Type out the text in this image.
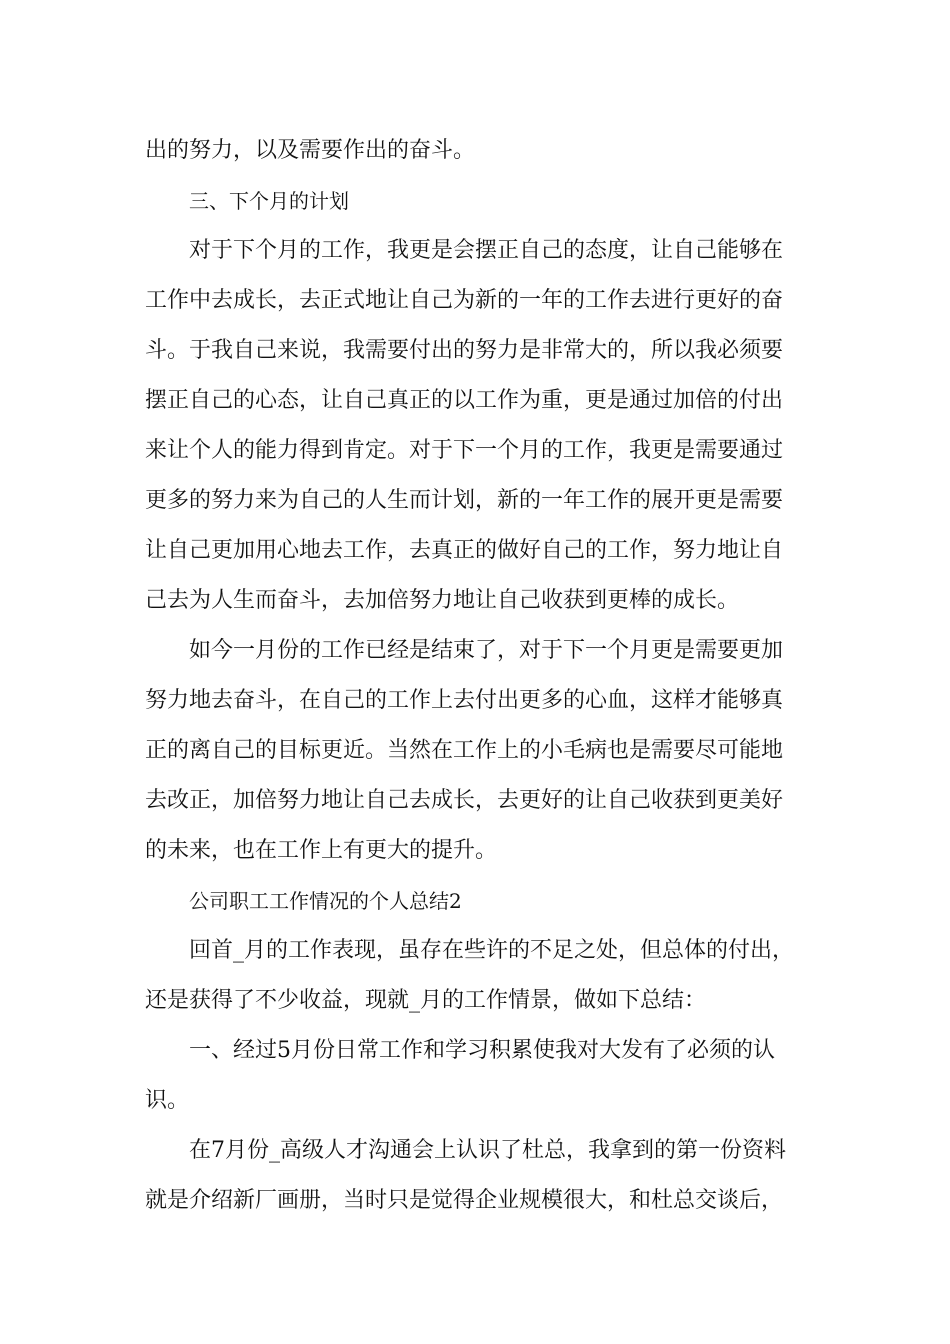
出的努力，以及需要作出的奋斗。
三、下个月的计划
对于下个月的工作，我更是会摆正自己的态度，让自己能够在
工作中去成长，去正式地让自己为新的一年的工作去进行更好的奋
斗。于我自己来说，我需要付出的努力是非常大的，所以我必须要
摆正自己的心态，让自己真正的以工作为重，更是通过加倍的付出
来让个人的能力得到肯定。对于下一个月的工作，我更是需要通过
更多的努力来为自己的人生而计划，新的一年工作的展开更是需要
让自己更加用心地去工作，去真正的做好自己的工作，努力地让自
己去为人生而奋斗，去加倍努力地让自己收获到更棒的成长。
如今一月份的工作已经是结束了，对于下一个月更是需要更加
努力地去奋斗，在自己的工作上去付出更多的心血，这样才能够真
正的离自己的目标更近。当然在工作上的小毛病也是需要尽可能地
去改正，加倍努力地让自己去成长，去更好的让自己收获到更美好
的未来，也在工作上有更大的提升。
公司职工工作情况的个人总结2
回首_月的工作表现，虽存在些许的不足之处，但总体的付出，
还是获得了不少收益，现就_月的工作情景，做如下总结：
一、经过5月份日常工作和学习积累使我对大发有了必须的认
识。
在7月份_高级人才沟通会上认识了杜总，我拿到的第一份资料
就是介绍新厂画册，当时只是觉得企业规模很大，和杜总交谈后，
